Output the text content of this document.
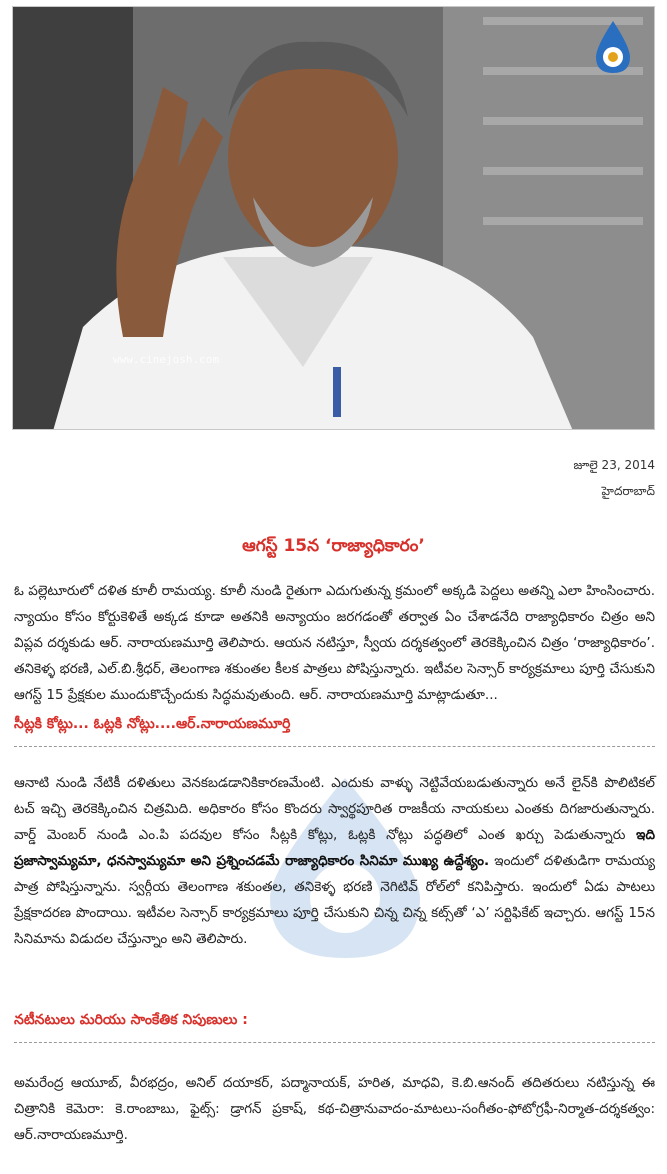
www.cinejosh.com
జూలై 23, 2014
హైదరాబాద్
ఆగస్ట్ 15న ‘రాజ్యాధికారం’
ఓ పల్లెటూరులో దళిత కూలీ రామయ్య. కూలీ నుండి రైతుగా ఎదుగుతున్న క్రమంలో అక్కడి పెద్దలు అతన్ని ఎలా హింసించారు. న్యాయం కోసం కోర్టుకెళితే అక్కడ కూడా అతనికి అన్యాయం జరగడంతో తర్వాత ఏం చేశాడనేది రాజ్యాధికారం చిత్రం అని విప్లవ దర్శకుడు ఆర్. నారాయణమూర్తి తెలిపారు. ఆయన నటిస్తూ, స్వీయ దర్శకత్వంలో తెరకెక్కించిన చిత్రం ‘రాజ్యాధికారం’. తనికెళ్ళ భరణి, ఎల్.బి.శ్రీధర్, తెలంగాణ శకుంతల కీలక పాత్రలు పోషిస్తున్నారు. ఇటీవల సెన్సార్ కార్యక్రమాలు పూర్తి చేసుకుని ఆగస్ట్ 15 ప్రేక్షకుల ముందుకొచ్చేందుకు సిద్ధమవుతుంది. ఆర్. నారాయణమూర్తి మాట్లాడుతూ...
సీట్లకి కోట్లు... ఓట్లకి నోట్లు....ఆర్.నారాయణమూర్తి
ఆనాటి నుండి నేటికీ దళితులు వెనకబడడానికికారణమేంటి. ఎందుకు వాళ్ళు నెట్టివేయబడుతున్నారు అనే లైన్‌కి పొలిటికల్ టచ్ ఇచ్చి తెరకెక్కించిన చిత్రమిది. అధికారం కోసం కొందరు స్వార్థపూరిత రాజకీయ నాయకులు ఎంతకు దిగజారుతున్నారు. వార్డ్ మెంబర్ నుండి ఎం.పి పదవుల కోసం సీట్లకి కోట్లు, ఓట్లకి నోట్లు పద్ధతిలో ఎంత ఖర్చు పెడుతున్నారు ఇది ప్రజాస్వామ్యమా, ధనస్వామ్యమా అని ప్రశ్నించడమే రాజ్యాధికారం సినిమా ముఖ్య ఉద్దేశ్యం. ఇందులో దళితుడిగా రామయ్య పాత్ర పోషిస్తున్నాను. స్వర్గీయ తెలంగాణ శకుంతల, తనికెళ్ళ భరణి నెగిటివ్ రోల్‌లో కనిపిస్తారు. ఇందులో ఏడు పాటలు ప్రేక్షకాదరణ పొందాయి. ఇటీవల సెన్సార్ కార్యక్రమాలు పూర్తి చేసుకుని చిన్న చిన్న కట్స్‌తో ‘ఎ’ సర్టిఫికేట్ ఇచ్చారు. ఆగస్ట్ 15న సినిమాను విడుదల చేస్తున్నాం అని తెలిపారు.
నటీనటులు మరియు సాంకేతిక నిపుణులు :
అమరేంద్ర ఆయూబ్, వీరభద్రం, అనిల్ దయాకర్, పద్మానాయక్, హరిత, మాధవి, కె.బి.ఆనంద్ తదితరులు నటిస్తున్న ఈ చిత్రానికి కెమెరా: కె.రాంబాబు, ఫైట్స్: డ్రాగన్ ప్రకాష్, కథ-చిత్రానువాదం-మాటలు-సంగీతం-ఫోటోగ్రఫీ-నిర్మాత-దర్శకత్వం: ఆర్.నారాయణమూర్తి.
